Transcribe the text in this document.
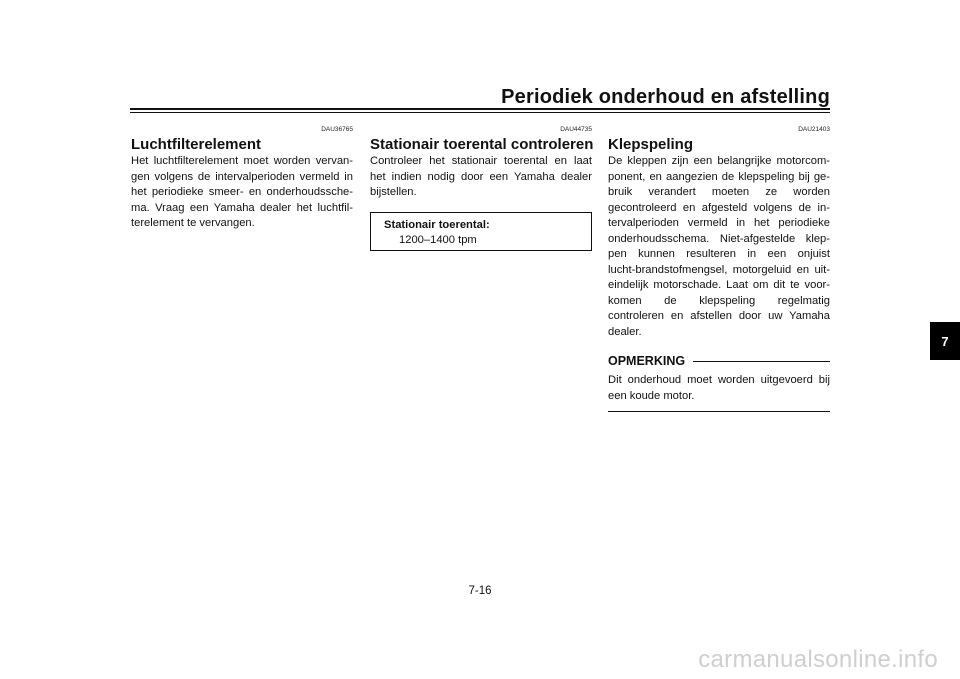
Periodiek onderhoud en afstelling
DAU36765
Luchtfilterelement

Het luchtfilterelement moet worden vervan-
gen volgens de intervalperioden vermeld in
het periodieke smeer- en onderhoudssche-
ma. Vraag een Yamaha dealer het luchtfil-
terelement te vervangen.

DAU44735
Stationair toerental controleren

Controleer het stationair toerental en laat
het indien nodig door een Yamaha dealer
bijstellen.

Stationair toerental:
1200–1400 tpm
DAU21403
Klepspeling

De kleppen zijn een belangrijke motorcom-
ponent, en aangezien de klepspeling bij ge-
bruik verandert moeten ze worden
gecontroleerd en afgesteld volgens de in-
tervalperioden vermeld in het periodieke
onderhoudsschema. Niet-afgestelde klep-
pen kunnen resulteren in een onjuist
lucht-brandstofmengsel, motorgeluid en uit-
eindelijk motorschade. Laat om dit te voor-
komen de klepspeling regelmatig
controleren en afstellen door uw Yamaha
dealer.

OPMERKING

Dit onderhoud moet worden uitgevoerd bij
een koude motor.

7
7-16
carmanualsonline.info
